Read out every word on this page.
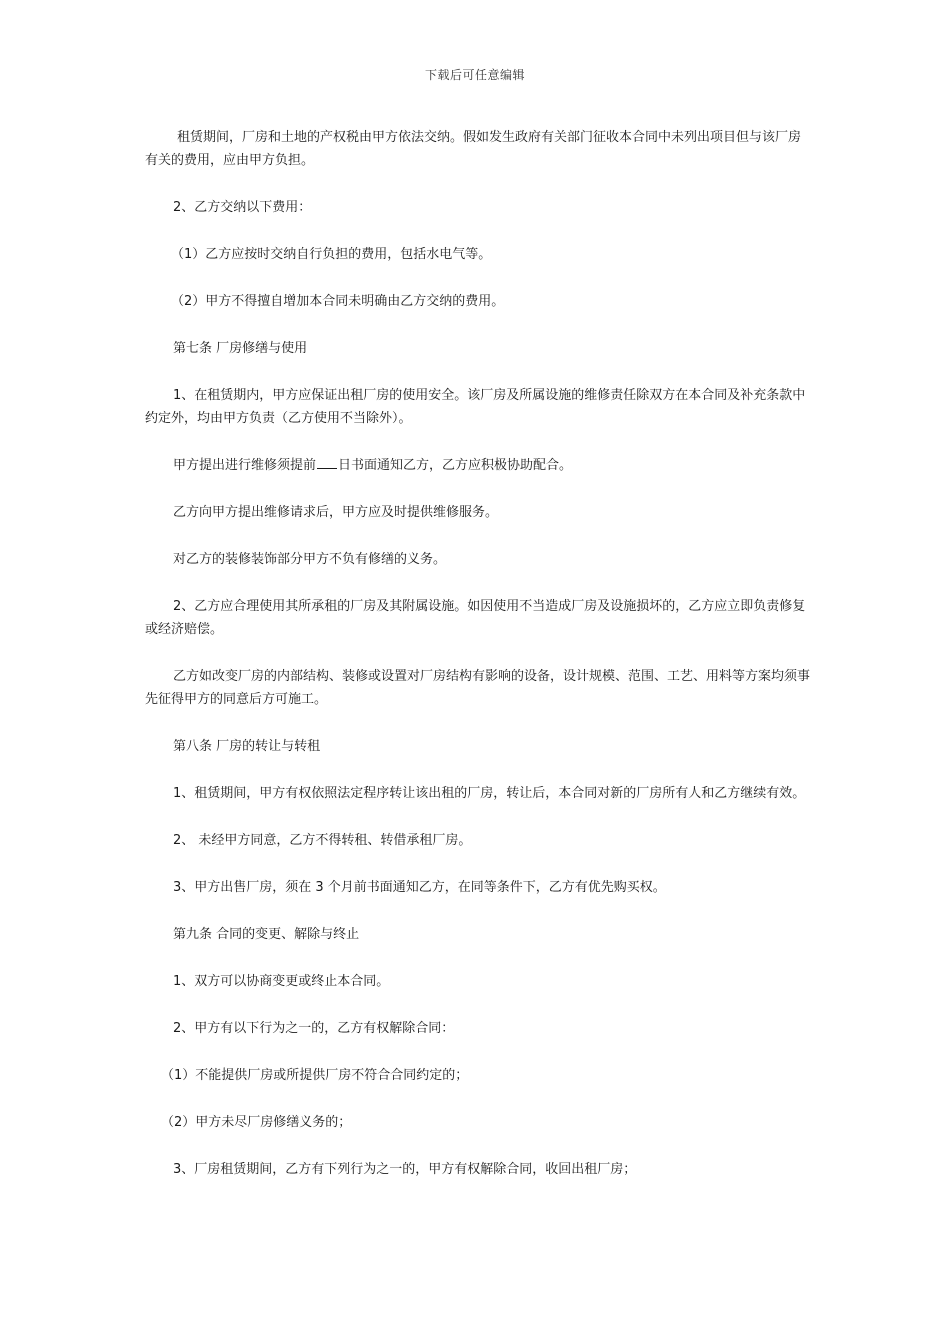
下载后可任意编辑

租赁期间，厂房和土地的产权税由甲方依法交纳。假如发生政府有关部门征收本合同中未列出项目但与该厂房有关的费用，应由甲方负担。

2、乙方交纳以下费用：

（1）乙方应按时交纳自行负担的费用，包括水电气等。

（2）甲方不得擅自增加本合同未明确由乙方交纳的费用。

第七条 厂房修缮与使用

1、在租赁期内，甲方应保证出租厂房的使用安全。该厂房及所属设施的维修责任除双方在本合同及补充条款中约定外，均由甲方负责（乙方使用不当除外）。

甲方提出进行维修须提前 日书面通知乙方，乙方应积极协助配合。

乙方向甲方提出维修请求后，甲方应及时提供维修服务。

对乙方的装修装饰部分甲方不负有修缮的义务。

2、乙方应合理使用其所承租的厂房及其附属设施。如因使用不当造成厂房及设施损坏的，乙方应立即负责修复或经济赔偿。

乙方如改变厂房的内部结构、装修或设置对厂房结构有影响的设备，设计规模、范围、工艺、用料等方案均须事先征得甲方的同意后方可施工。

第八条 厂房的转让与转租

1、租赁期间，甲方有权依照法定程序转让该出租的厂房，转让后，本合同对新的厂房所有人和乙方继续有效。

2、 未经甲方同意，乙方不得转租、转借承租厂房。

3、甲方出售厂房，须在 3 个月前书面通知乙方，在同等条件下，乙方有优先购买权。

第九条 合同的变更、解除与终止

1、双方可以协商变更或终止本合同。

2、甲方有以下行为之一的，乙方有权解除合同：

（1）不能提供厂房或所提供厂房不符合合同约定的；

（2）甲方未尽厂房修缮义务的；

3、厂房租赁期间，乙方有下列行为之一的，甲方有权解除合同，收回出租厂房；
